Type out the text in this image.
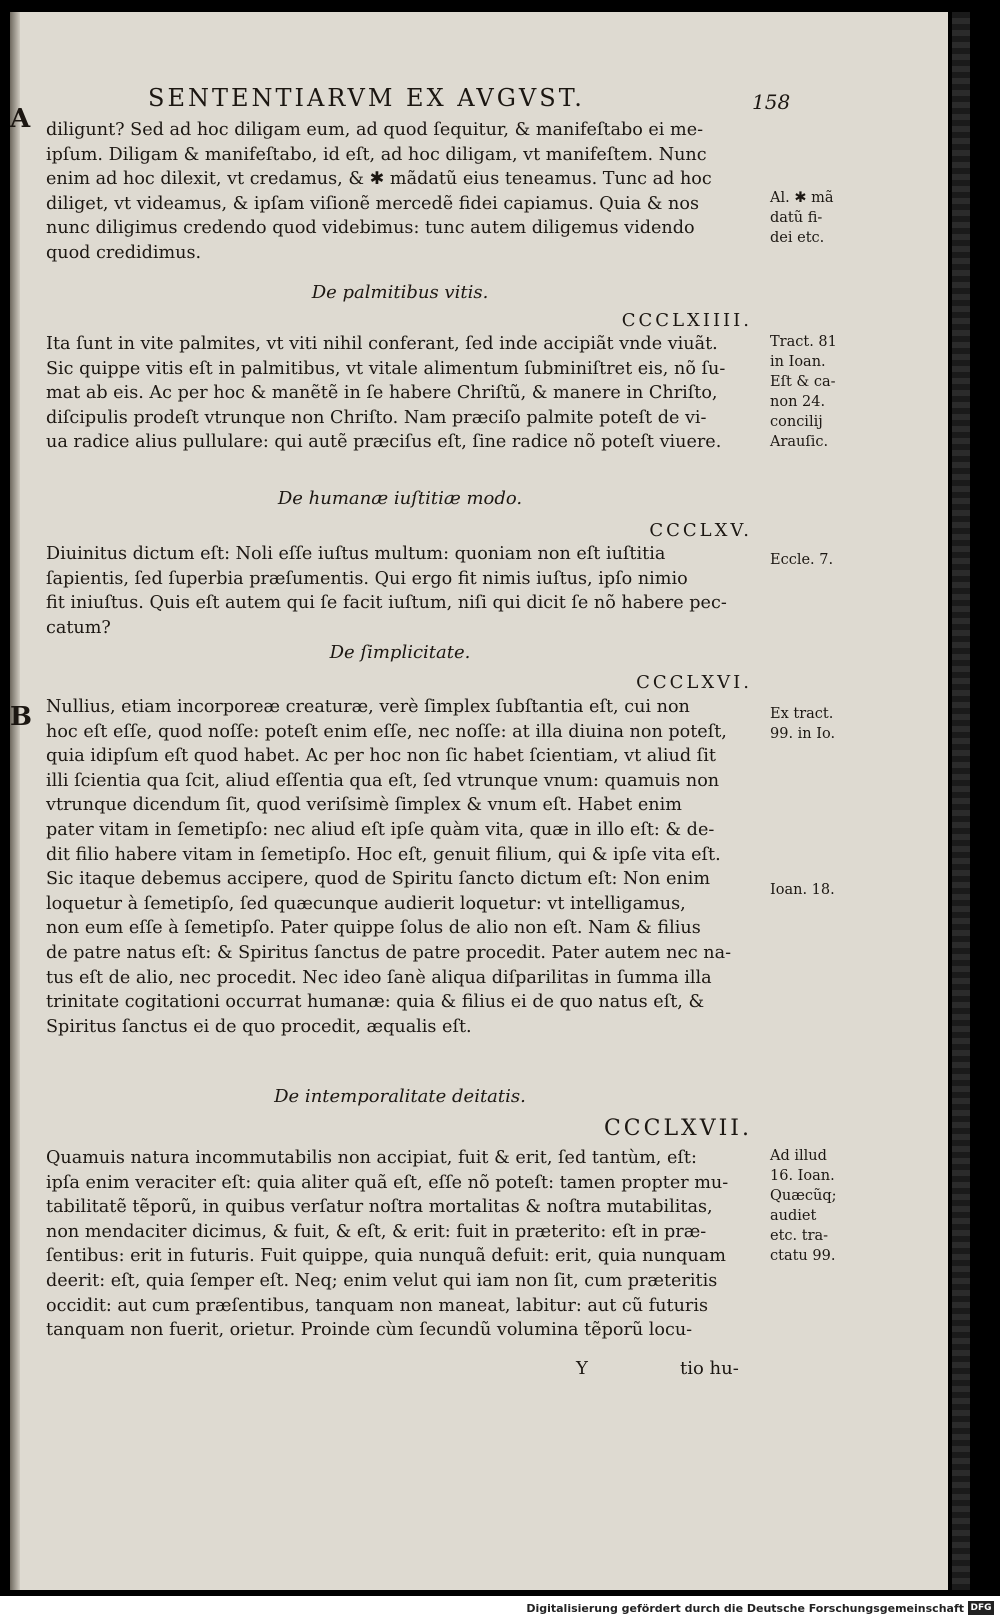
SENTENTIARVM EX AVGVST.	158
A
B
diligunt? Sed ad hoc diligam eum, ad quod ſequitur, & manifeſtabo ei me-
ipſum. Diligam & manifeſtabo, id eſt, ad hoc diligam, vt manifeſtem. Nunc
enim ad hoc dilexit, vt credamus, & ✱ mãdatũ eius teneamus. Tunc ad hoc
diliget, vt videamus, & ipſam viſionẽ mercedẽ fidei capiamus. Quia & nos
nunc diligimus credendo quod videbimus: tunc autem diligemus videndo
quod credidimus.
De palmitibus vitis.
CCCLXIIII.
Ita ſunt in vite palmites, vt viti nihil conferant, ſed inde accipiãt vnde viuãt.
Sic quippe vitis eſt in palmitibus, vt vitale alimentum ſubminiſtret eis, nõ ſu-
mat ab eis. Ac per hoc & manẽtẽ in ſe habere Chriſtũ, & manere in Chriſto,
diſcipulis prodeſt vtrunque non Chriſto. Nam præciſo palmite poteſt de vi-
ua radice alius pullulare: qui autẽ præciſus eſt, ſine radice nõ poteſt viuere.
De humanæ iuſtitiæ modo.
CCCLXV.
Diuinitus dictum eſt: Noli eſſe iuſtus multum: quoniam non eſt iuſtitia
ſapientis, ſed ſuperbia præſumentis. Qui ergo fit nimis iuſtus, ipſo nimio
fit iniuſtus. Quis eſt autem qui ſe facit iuſtum, niſi qui dicit ſe nõ habere pec-
catum?
De ſimplicitate.
CCCLXVI.
Nullius, etiam incorporeæ creaturæ, verè ſimplex ſubſtantia eſt, cui non
hoc eſt eſſe, quod noſſe: poteſt enim eſſe, nec noſſe: at illa diuina non poteſt,
quia idipſum eſt quod habet. Ac per hoc non ſic habet ſcientiam, vt aliud ſit
illi ſcientia qua ſcit, aliud eſſentia qua eſt, ſed vtrunque vnum: quamuis non
vtrunque dicendum ſit, quod veriſsimè ſimplex & vnum eſt. Habet enim
pater vitam in ſemetipſo: nec aliud eſt ipſe quàm vita, quæ in illo eſt: & de-
dit filio habere vitam in ſemetipſo. Hoc eſt, genuit filium, qui & ipſe vita eſt.
Sic itaque debemus accipere, quod de Spiritu ſancto dictum eſt: Non enim
loquetur à ſemetipſo, ſed quæcunque audierit loquetur: vt intelligamus,
non eum eſſe à ſemetipſo. Pater quippe ſolus de alio non eſt. Nam & filius
de patre natus eſt: & Spiritus ſanctus de patre procedit. Pater autem nec na-
tus eſt de alio, nec procedit. Nec ideo ſanè aliqua diſparilitas in ſumma illa
trinitate cogitationi occurrat humanæ: quia & filius ei de quo natus eſt, &
Spiritus ſanctus ei de quo procedit, æqualis eſt.
De intemporalitate deitatis.
CCCLXVII.
Quamuis natura incommutabilis non accipiat, fuit & erit, ſed tantùm, eſt:
ipſa enim veraciter eſt: quia aliter quã eſt, eſſe nõ poteſt: tamen propter mu-
tabilitatẽ tẽporũ, in quibus verſatur noſtra mortalitas & noſtra mutabilitas,
non mendaciter dicimus, & fuit, & eſt, & erit: fuit in præterito: eſt in præ-
ſentibus: erit in futuris. Fuit quippe, quia nunquã defuit: erit, quia nunquam
deerit: eſt, quia ſemper eſt. Neq; enim velut qui iam non ſit, cum præteritis
occidit: aut cum præſentibus, tanquam non maneat, labitur: aut cũ futuris
tanquam non fuerit, orietur. Proinde cùm ſecundũ volumina tẽporũ locu-
Y	tio hu-
Al. ✱ mã
datũ fi-
dei etc.
Tract. 81
in Ioan.
Eſt & ca-
non 24.
concilij
Arauſic.
Eccle. 7.
Ex tract.
99. in Io.
Ioan. 18.
Ad illud
16. Ioan.
Quæcũq;
audiet
etc. tra-
ctatu 99.
Digitalisierung gefördert durch die Deutsche Forschungsgemeinschaft DFG
